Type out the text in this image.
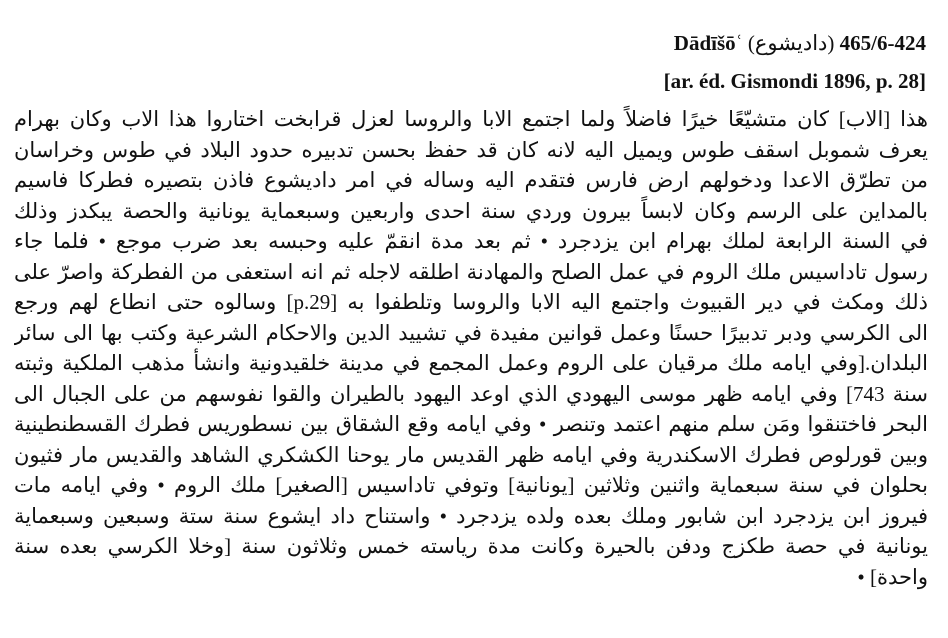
Dādīšōʿ (داديشوع) 424-465/6
[ar. éd. Gismondi 1896, p. 28]
هذا [الاب] كان متشيّعًا خيرًا فاضلاً ولما اجتمع الابا والروسا لعزل قرابخت اختاروا هذا الاب وكان بهرام
يعرف شموبل اسقف طوس ويميل اليه لانه كان قد حفظ بحسن تدبيره حدود البلاد في طوس وخراسان
من تطرّق الاعدا ودخولهم ارض فارس فتقدم اليه وساله في امر داديشوع فاذن بتصيره فطركا فاسيم
بالمداين على الرسم وكان لابساً بيرون وردي سنة احدى واربعين وسبعماية يونانية والحصة يبكدز وذلك
في السنة الرابعة لملك بهرام ابن يزدجرد • ثم بعد مدة انقمّ عليه وحبسه بعد ضرب موجع • فلما جاء
رسول تاداسيس ملك الروم في عمل الصلح والمهادنة اطلقه لاجله ثم انه استعفى من الفطركة واصرّ على
ذلك ومكث في دير القبيوث واجتمع اليه الابا والروسا وتلطفوا به [p.29] وسالوه حتى انطاع لهم ورجع
الى الكرسي ودبر تدبيرًا حسنًا وعمل قوانين مفيدة في تشييد الدين والاحكام الشرعية وكتب بها الى سائر
البلدان.[وفي ايامه ملك مرقيان على الروم وعمل المجمع في مدينة خلقيدونية وانشأ مذهب الملكية وثبته
سنة 743] وفي ايامه ظهر موسى اليهودي الذي اوعد اليهود بالطيران والقوا نفوسهم من على الجبال الى
البحر فاختنقوا ومَن سلم منهم اعتمد وتنصر • وفي ايامه وقع الشقاق بين نسطوريس فطرك القسطنطينية
وبين قورلوص فطرك الاسكندرية وفي ايامه ظهر القديس مار يوحنا الكشكري الشاهد والقديس مار فثيون
بحلوان في سنة سبعماية واثنين وثلاثين [يونانية] وتوفي تاداسيس [الصغير] ملك الروم • وفي ايامه مات
فيروز ابن يزدجرد ابن شابور وملك بعده ولده يزدجرد • واستناح داد ايشوع سنة ستة وسبعين وسبعماية
يونانية في حصة طكزج ودفن بالحيرة وكانت مدة رياسته خمس وثلاثون سنة [وخلا الكرسي بعده سنة
واحدة] •
